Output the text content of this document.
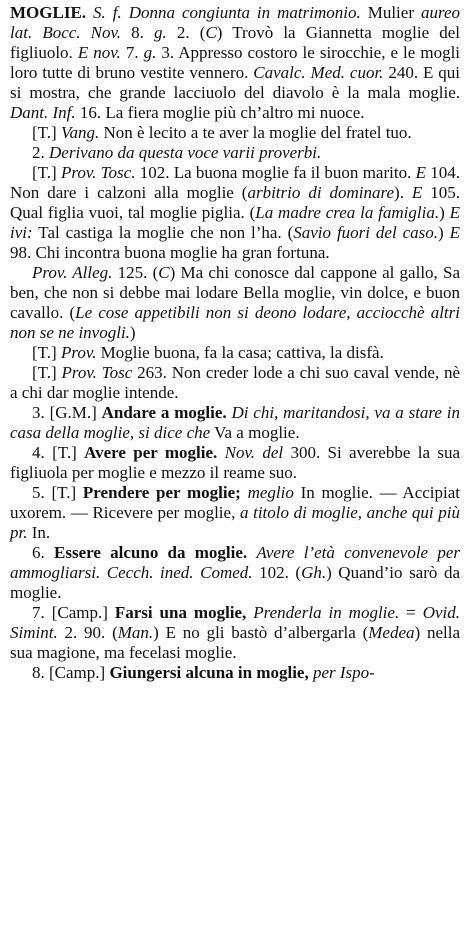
MOGLIE. S. f. Donna congiunta in matrimonio. Mulier aureo lat. Bocc. Nov. 8. g. 2. (C) Trovò la Giannetta moglie del figliuolo. E nov. 7. g. 3. Appresso costoro le sirocchie, e le mogli loro tutte di bruno vestite vennero. Cavalc. Med. cuor. 240. E qui si mostra, che grande lacciuolo del diavolo è la mala moglie. Dant. Inf. 16. La fiera moglie più ch’altro mi nuoce.

[T.] Vang. Non è lecito a te aver la moglie del fratel tuo.

2. Derivano da questa voce varii proverbi.

[T.] Prov. Tosc. 102. La buona moglie fa il buon marito. E 104. Non dare i calzoni alla moglie (arbitrio di dominare). E 105. Qual figlia vuoi, tal moglie piglia. (La madre crea la famiglia.) E ivi: Tal castiga la moglie che non l’ha. (Savio fuori del caso.) E 98. Chi incontra buona moglie ha gran fortuna.

Prov. Alleg. 125. (C) Ma chi conosce dal cappone al gallo, Sa ben, che non si debbe mai lodare Bella moglie, vin dolce, e buon cavallo. (Le cose appetibili non si deono lodare, acciocchè altri non se ne invogli.)

[T.] Prov. Moglie buona, fa la casa; cattiva, la disfà.

[T.] Prov. Tosc 263. Non creder lode a chi suo caval vende, nè a chi dar moglie intende.

3. [G.M.] Andare a moglie. Di chi, maritandosi, va a stare in casa della moglie, si dice che Va a moglie.

4. [T.] Avere per moglie. Nov. del 300. Si averebbe la sua figliuola per moglie e mezzo il reame suo.

5. [T.] Prendere per moglie; meglio In moglie. — Accipiat uxorem. — Ricevere per moglie, a titolo di moglie, anche qui più pr. In.

6. Essere alcuno da moglie. Avere l’età convenevole per ammogliarsi. Cecch. ined. Comed. 102. (Gh.) Quand’io sarò da moglie.

7. [Camp.] Farsi una moglie, Prenderla in moglie. = Ovid. Simint. 2. 90. (Man.) E no gli bastò d’albergarla (Medea) nella sua magione, ma fecelasi moglie.

8. [Camp.] Giungersi alcuna in moglie, per Ispo-
